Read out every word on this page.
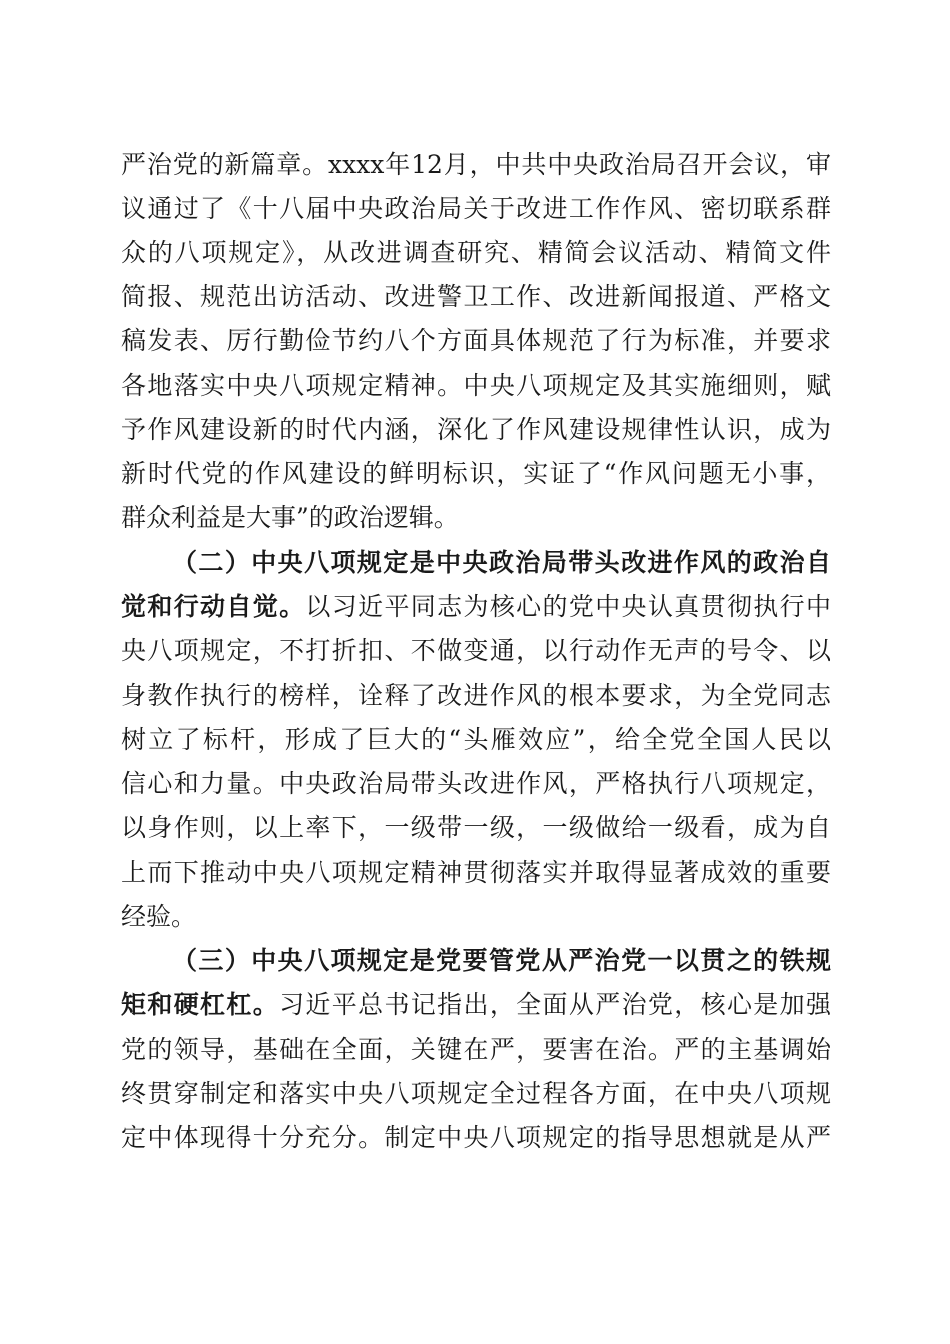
严治党的新篇章。xxxx年12月，中共中央政治局召开会议，审
议通过了《十八届中央政治局关于改进工作作风、密切联系群
众的八项规定》，从改进调查研究、精简会议活动、精简文件
简报、规范出访活动、改进警卫工作、改进新闻报道、严格文
稿发表、厉行勤俭节约八个方面具体规范了行为标准，并要求
各地落实中央八项规定精神。中央八项规定及其实施细则，赋
予作风建设新的时代内涵，深化了作风建设规律性认识，成为
新时代党的作风建设的鲜明标识，实证了“作风问题无小事，
群众利益是大事”的政治逻辑。
（二）中央八项规定是中央政治局带头改进作风的政治自
觉和行动自觉。以习近平同志为核心的党中央认真贯彻执行中
央八项规定，不打折扣、不做变通，以行动作无声的号令、以
身教作执行的榜样，诠释了改进作风的根本要求，为全党同志
树立了标杆，形成了巨大的“头雁效应”，给全党全国人民以
信心和力量。中央政治局带头改进作风，严格执行八项规定，
以身作则，以上率下，一级带一级，一级做给一级看，成为自
上而下推动中央八项规定精神贯彻落实并取得显著成效的重要
经验。
（三）中央八项规定是党要管党从严治党一以贯之的铁规
矩和硬杠杠。习近平总书记指出，全面从严治党，核心是加强
党的领导，基础在全面，关键在严，要害在治。严的主基调始
终贯穿制定和落实中央八项规定全过程各方面，在中央八项规
定中体现得十分充分。制定中央八项规定的指导思想就是从严
